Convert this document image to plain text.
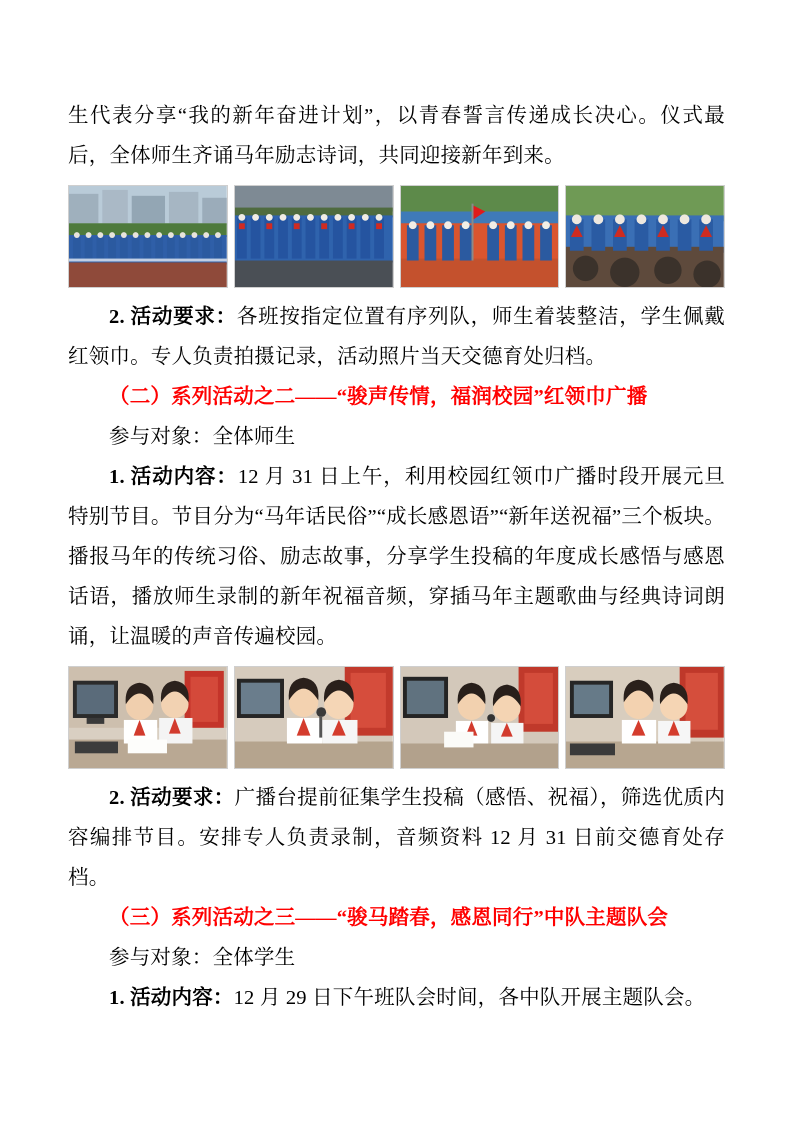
生代表分享“我的新年奋进计划”，以青春誓言传递成长决心。仪式最后，全体师生齐诵马年励志诗词，共同迎接新年到来。

2. 活动要求：各班按指定位置有序列队，师生着装整洁，学生佩戴红领巾。专人负责拍摄记录，活动照片当天交德育处归档。

（二）系列活动之二——“骏声传情，福润校园”红领巾广播

参与对象：全体师生

1. 活动内容：12 月 31 日上午，利用校园红领巾广播时段开展元旦特别节目。节目分为“马年话民俗”“成长感恩语”“新年送祝福”三个板块。播报马年的传统习俗、励志故事，分享学生投稿的年度成长感悟与感恩话语，播放师生录制的新年祝福音频，穿插马年主题歌曲与经典诗词朗诵，让温暖的声音传遍校园。

2. 活动要求：广播台提前征集学生投稿（感悟、祝福），筛选优质内容编排节目。安排专人负责录制，音频资料 12 月 31 日前交德育处存档。

（三）系列活动之三——“骏马踏春，感恩同行”中队主题队会

参与对象：全体学生

1. 活动内容：12 月 29 日下午班队会时间，各中队开展主题队会。
